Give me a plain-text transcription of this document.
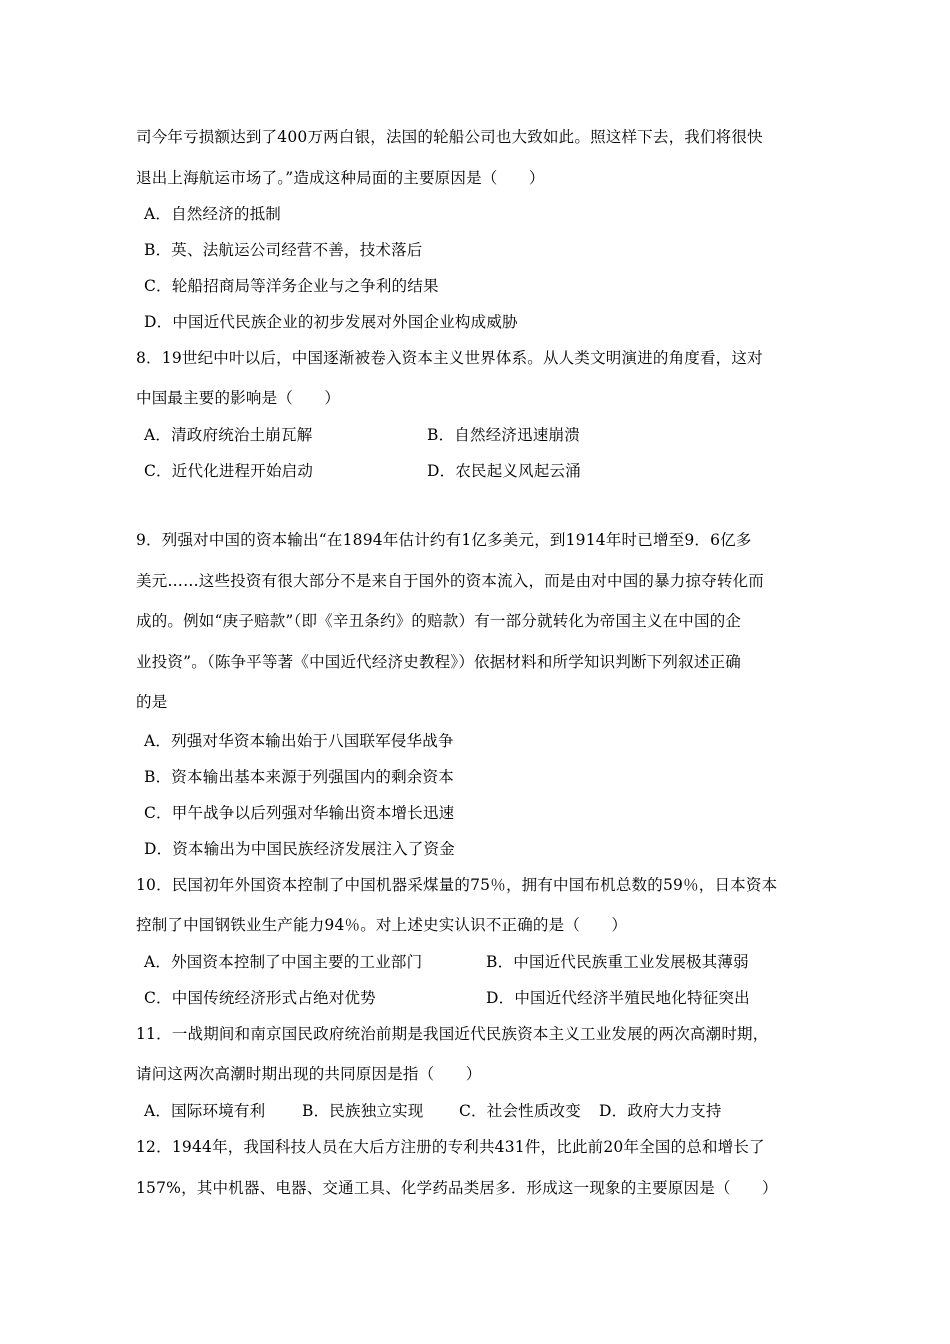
司今年亏损额达到了400万两白银，法国的轮船公司也大致如此。照这样下去，我们将很快
退出上海航运市场了。”造成这种局面的主要原因是（　　）
A．自然经济的抵制
B．英、法航运公司经营不善，技术落后
C．轮船招商局等洋务企业与之争利的结果
D．中国近代民族企业的初步发展对外国企业构成威胁
8．19世纪中叶以后，中国逐渐被卷入资本主义世界体系。从人类文明演进的角度看，这对
中国最主要的影响是（　　）
A．清政府统治土崩瓦解	B．自然经济迅速崩溃
C．近代化进程开始启动	D．农民起义风起云涌
9．列强对中国的资本输出“在1894年估计约有1亿多美元，到1914年时已增至9．6亿多
美元……这些投资有很大部分不是来自于国外的资本流入，而是由对中国的暴力掠夺转化而
成的。例如“庚子赔款”（即《辛丑条约》的赔款）有一部分就转化为帝国主义在中国的企
业投资”。（陈争平等著《中国近代经济史教程》）依据材料和所学知识判断下列叙述正确
的是
A．列强对华资本输出始于八国联军侵华战争
B．资本输出基本来源于列强国内的剩余资本
C．甲午战争以后列强对华输出资本增长迅速
D．资本输出为中国民族经济发展注入了资金
10．民国初年外国资本控制了中国机器采煤量的75％，拥有中国布机总数的59％，日本资本
控制了中国钢铁业生产能力94％。对上述史实认识不正确的是（　　）
A．外国资本控制了中国主要的工业部门	B．中国近代民族重工业发展极其薄弱
C．中国传统经济形式占绝对优势	D．中国近代经济半殖民地化特征突出
11．一战期间和南京国民政府统治前期是我国近代民族资本主义工业发展的两次高潮时期，
请问这两次高潮时期出现的共同原因是指（　　）
A．国际环境有利 B．民族独立实现 C．社会性质改变 D．政府大力支持
12．1944年，我国科技人员在大后方注册的专利共431件，比此前20年全国的总和增长了
157%，其中机器、电器、交通工具、化学药品类居多．形成这一现象的主要原因是（　　）
